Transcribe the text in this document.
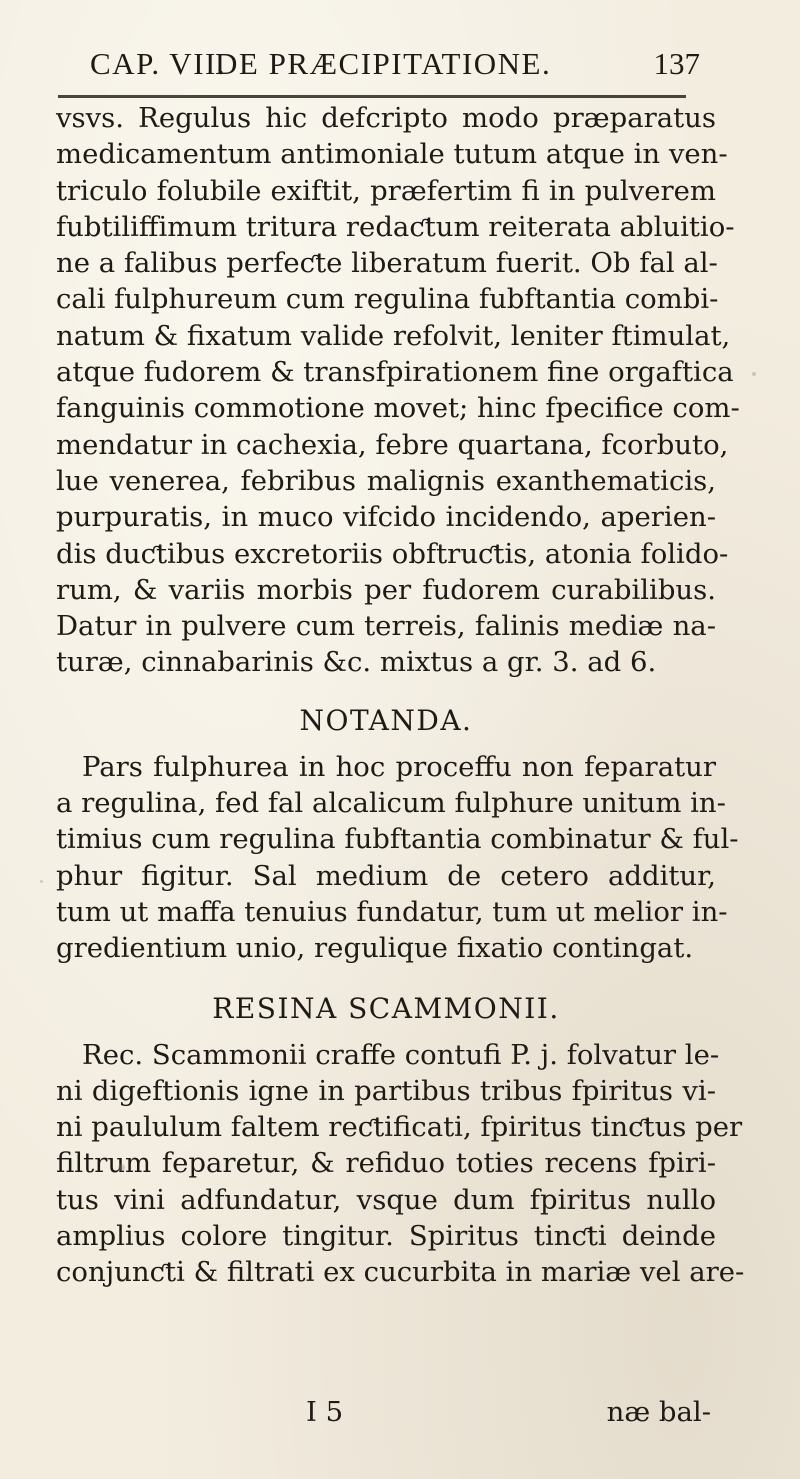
CAP. VII.
DE PRÆCIPITATIONE.	137
vsvs. Regulus hic defcripto modo præparatus
medicamentum antimoniale tutum atque in ven-
triculo folubile exiftit, præfertim fi in pulverem
fubtiliffimum tritura redaƈtum reiterata abluitio-
ne a falibus perfeƈte liberatum fuerit. Ob fal al-
cali fulphureum cum regulina fubftantia combi-
natum & fixatum valide refolvit, leniter ftimulat,
atque fudorem & transfpirationem fine orgaftica
fanguinis commotione movet; hinc fpecifice com-
mendatur in cachexia, febre quartana, fcorbuto,
lue venerea, febribus malignis exanthematicis,
purpuratis, in muco vifcido incidendo, aperien-
dis duƈtibus excretoriis obftruƈtis, atonia folido-
rum, & variis morbis per fudorem curabilibus.
Datur in pulvere cum terreis, falinis mediæ na-
turæ, cinnabarinis &c. mixtus a gr. 3. ad 6.
NOTANDA.
Pars fulphurea in hoc proceffu non feparatur
a regulina, fed fal alcalicum fulphure unitum in-
timius cum regulina fubftantia combinatur & ful-
phur figitur. Sal medium de cetero additur,
tum ut maffa tenuius fundatur, tum ut melior in-
gredientium unio, regulique fixatio contingat.
RESINA SCAMMONII.
Rec. Scammonii craffe contufi P. j. folvatur le-
ni digeftionis igne in partibus tribus fpiritus vi-
ni paululum faltem reƈtificati, fpiritus tinƈtus per
filtrum feparetur, & refiduo toties recens fpiri-
tus vini adfundatur, vsque dum fpiritus nullo
amplius colore tingitur. Spiritus tinƈti deinde
conjunƈti & filtrati ex cucurbita in mariæ vel are-
I 5	næ bal-
